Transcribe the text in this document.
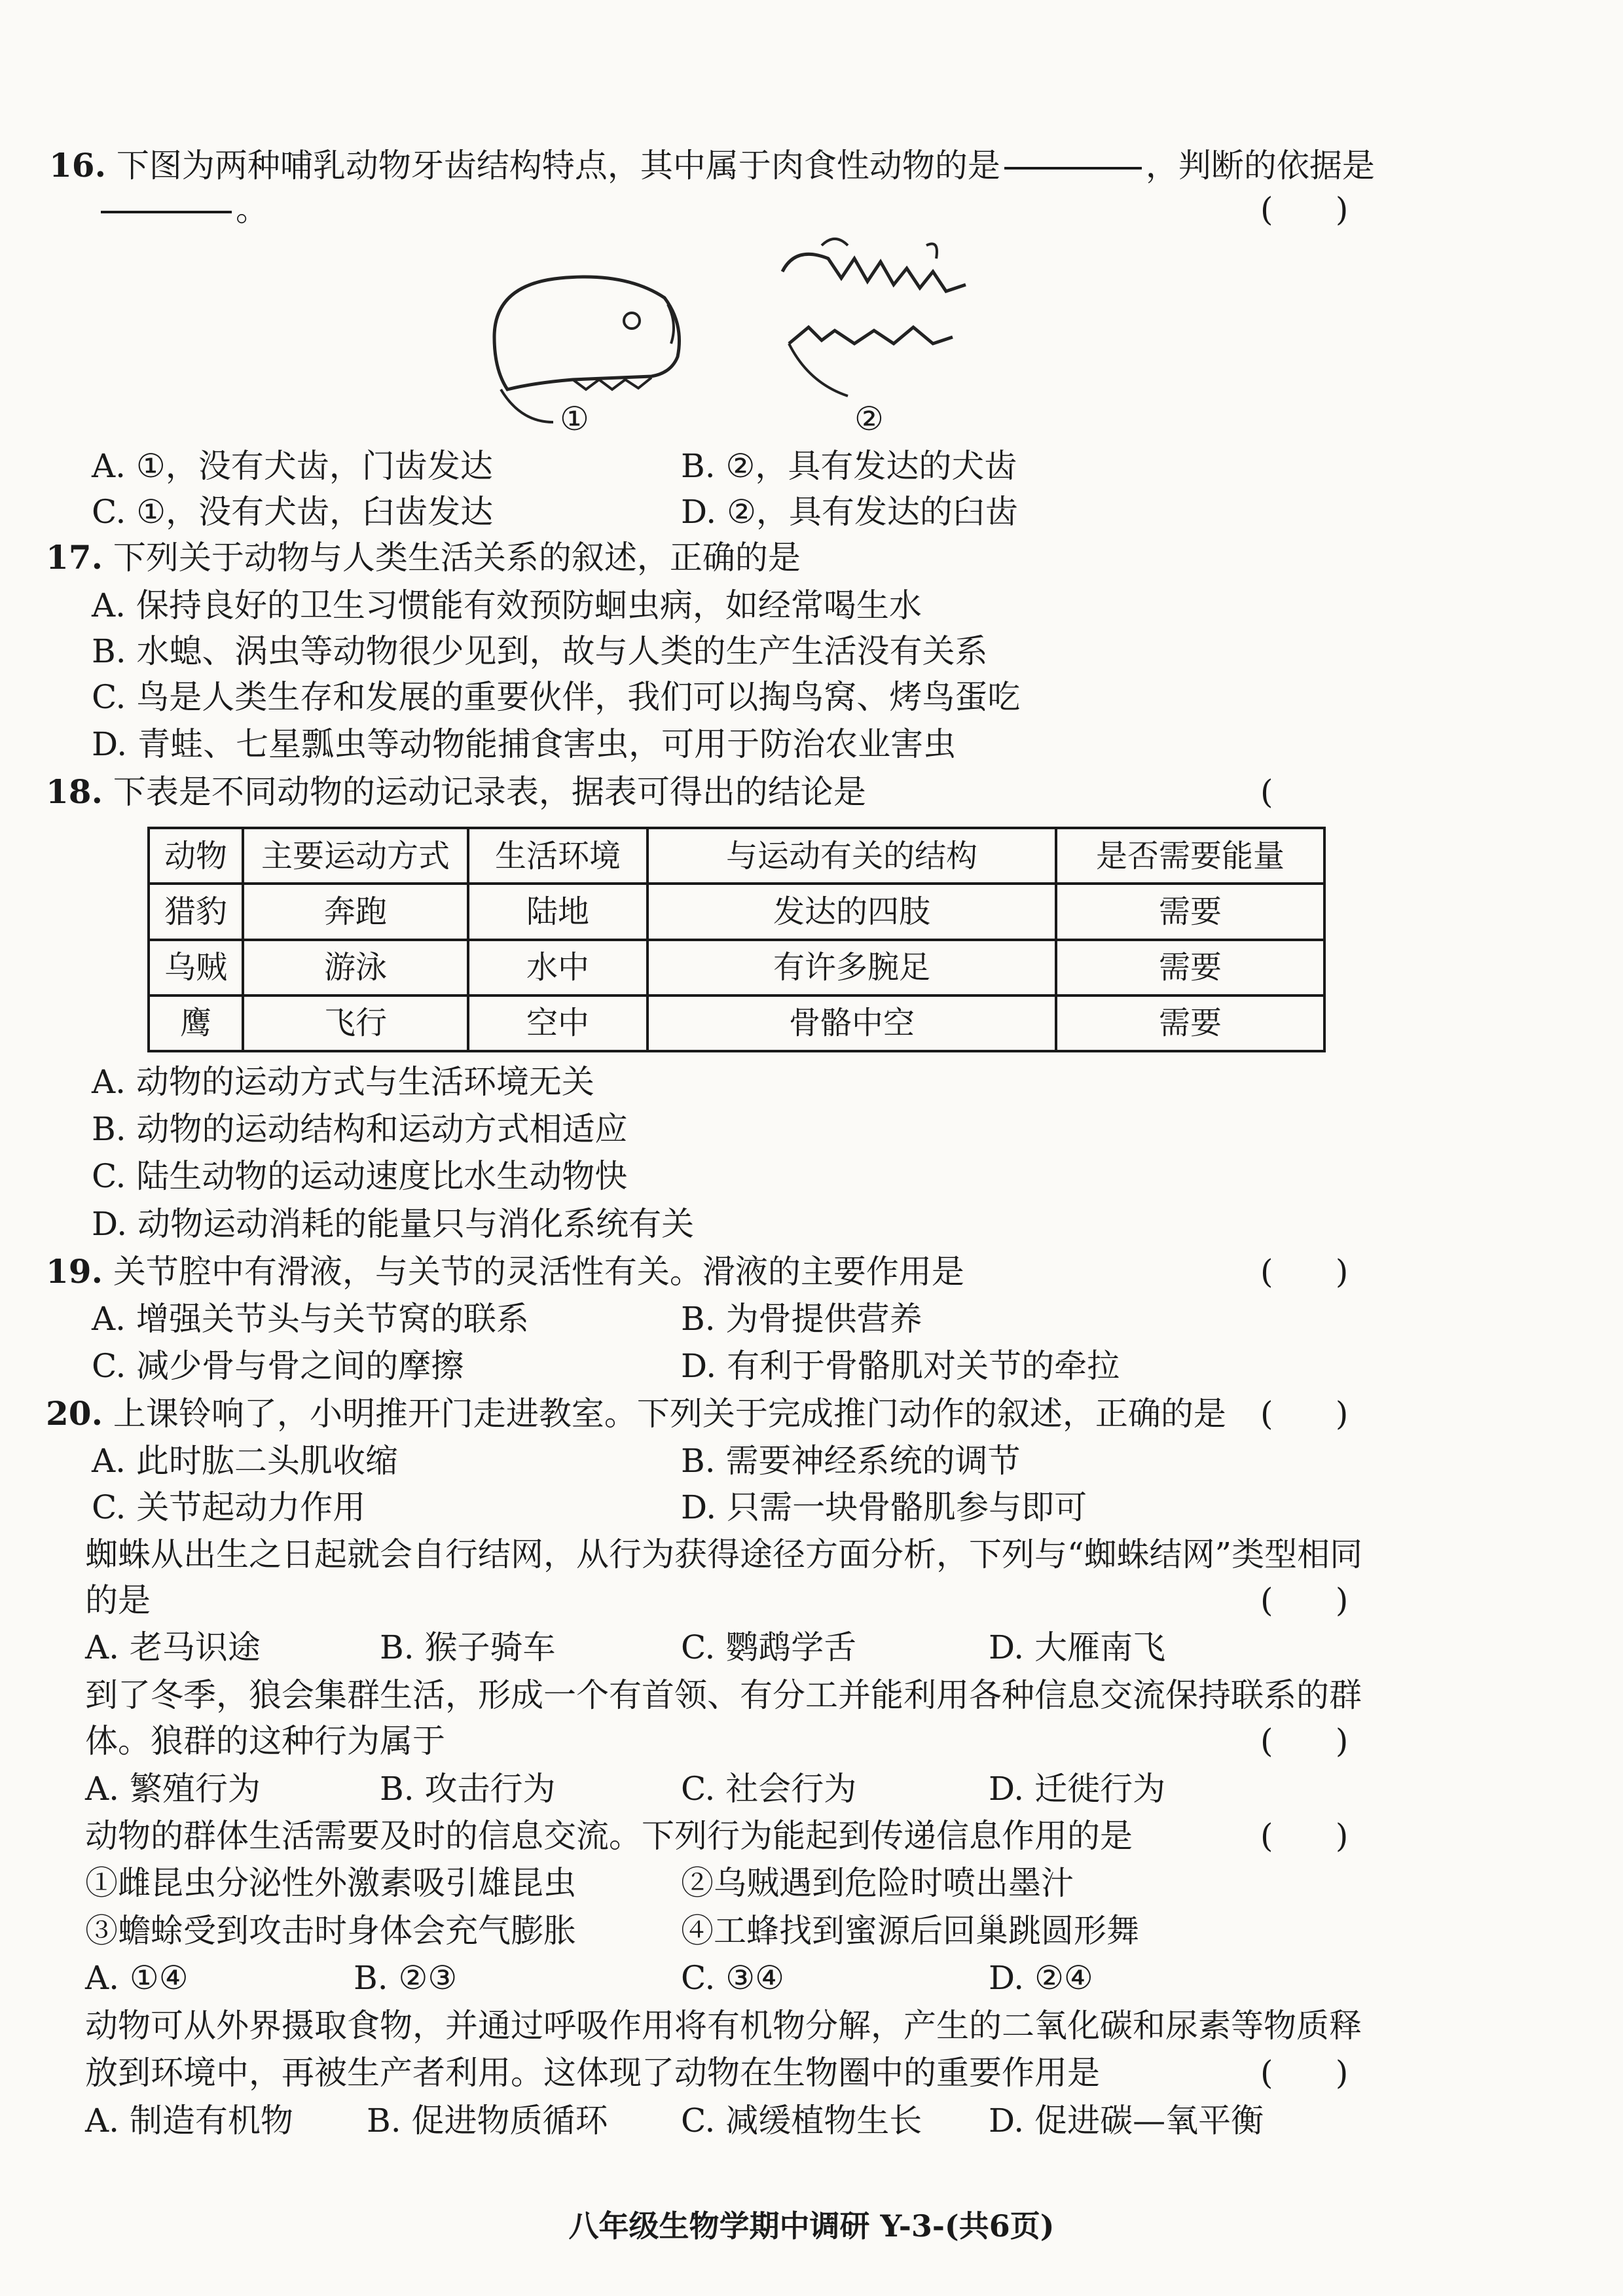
16. 下图为两种哺乳动物牙齿结构特点，其中属于肉食性动物的是	，判断的依据是
。	(      )
①	②
A. ①，没有犬齿，门齿发达	B. ②，具有发达的犬齿
C. ①，没有犬齿，臼齿发达	D. ②，具有发达的臼齿
17. 下列关于动物与人类生活关系的叙述，正确的是
A. 保持良好的卫生习惯能有效预防蛔虫病，如经常喝生水
B. 水螅、涡虫等动物很少见到，故与人类的生产生活没有关系
C. 鸟是人类生存和发展的重要伙伴，我们可以掏鸟窝、烤鸟蛋吃
D. 青蛙、七星瓢虫等动物能捕食害虫，可用于防治农业害虫
18. 下表是不同动物的运动记录表，据表可得出的结论是	(
动物	主要运动方式	生活环境	与运动有关的结构	是否需要能量
猎豹	奔跑	陆地	发达的四肢	需要
乌贼	游泳	水中	有许多腕足	需要
鹰	飞行	空中	骨骼中空	需要
A. 动物的运动方式与生活环境无关
B. 动物的运动结构和运动方式相适应
C. 陆生动物的运动速度比水生动物快
D. 动物运动消耗的能量只与消化系统有关
19. 关节腔中有滑液，与关节的灵活性有关。滑液的主要作用是	(      )
A. 增强关节头与关节窝的联系	B. 为骨提供营养
C. 减少骨与骨之间的摩擦	D. 有利于骨骼肌对关节的牵拉
20. 上课铃响了，小明推开门走进教室。下列关于完成推门动作的叙述，正确的是 (      )
A. 此时肱二头肌收缩	B. 需要神经系统的调节
C. 关节起动力作用	D. 只需一块骨骼肌参与即可
蜘蛛从出生之日起就会自行结网，从行为获得途径方面分析，下列与“蜘蛛结网”类型相同
的是	(      )
A. 老马识途	B. 猴子骑车	C. 鹦鹉学舌	D. 大雁南飞
到了冬季，狼会集群生活，形成一个有首领、有分工并能利用各种信息交流保持联系的群
体。狼群的这种行为属于	(      )
A. 繁殖行为	B. 攻击行为	C. 社会行为	D. 迁徙行为
动物的群体生活需要及时的信息交流。下列行为能起到传递信息作用的是	(      )
①雌昆虫分泌性外激素吸引雄昆虫	②乌贼遇到危险时喷出墨汁
③蟾蜍受到攻击时身体会充气膨胀	④工蜂找到蜜源后回巢跳圆形舞
A. ①④	B. ②③	C. ③④	D. ②④
动物可从外界摄取食物，并通过呼吸作用将有机物分解，产生的二氧化碳和尿素等物质释
放到环境中，再被生产者利用。这体现了动物在生物圈中的重要作用是	(      )
A. 制造有机物 B. 促进物质循环 C. 减缓植物生长 D. 促进碳—氧平衡
八年级生物学期中调研 Y-3-(共6页)
